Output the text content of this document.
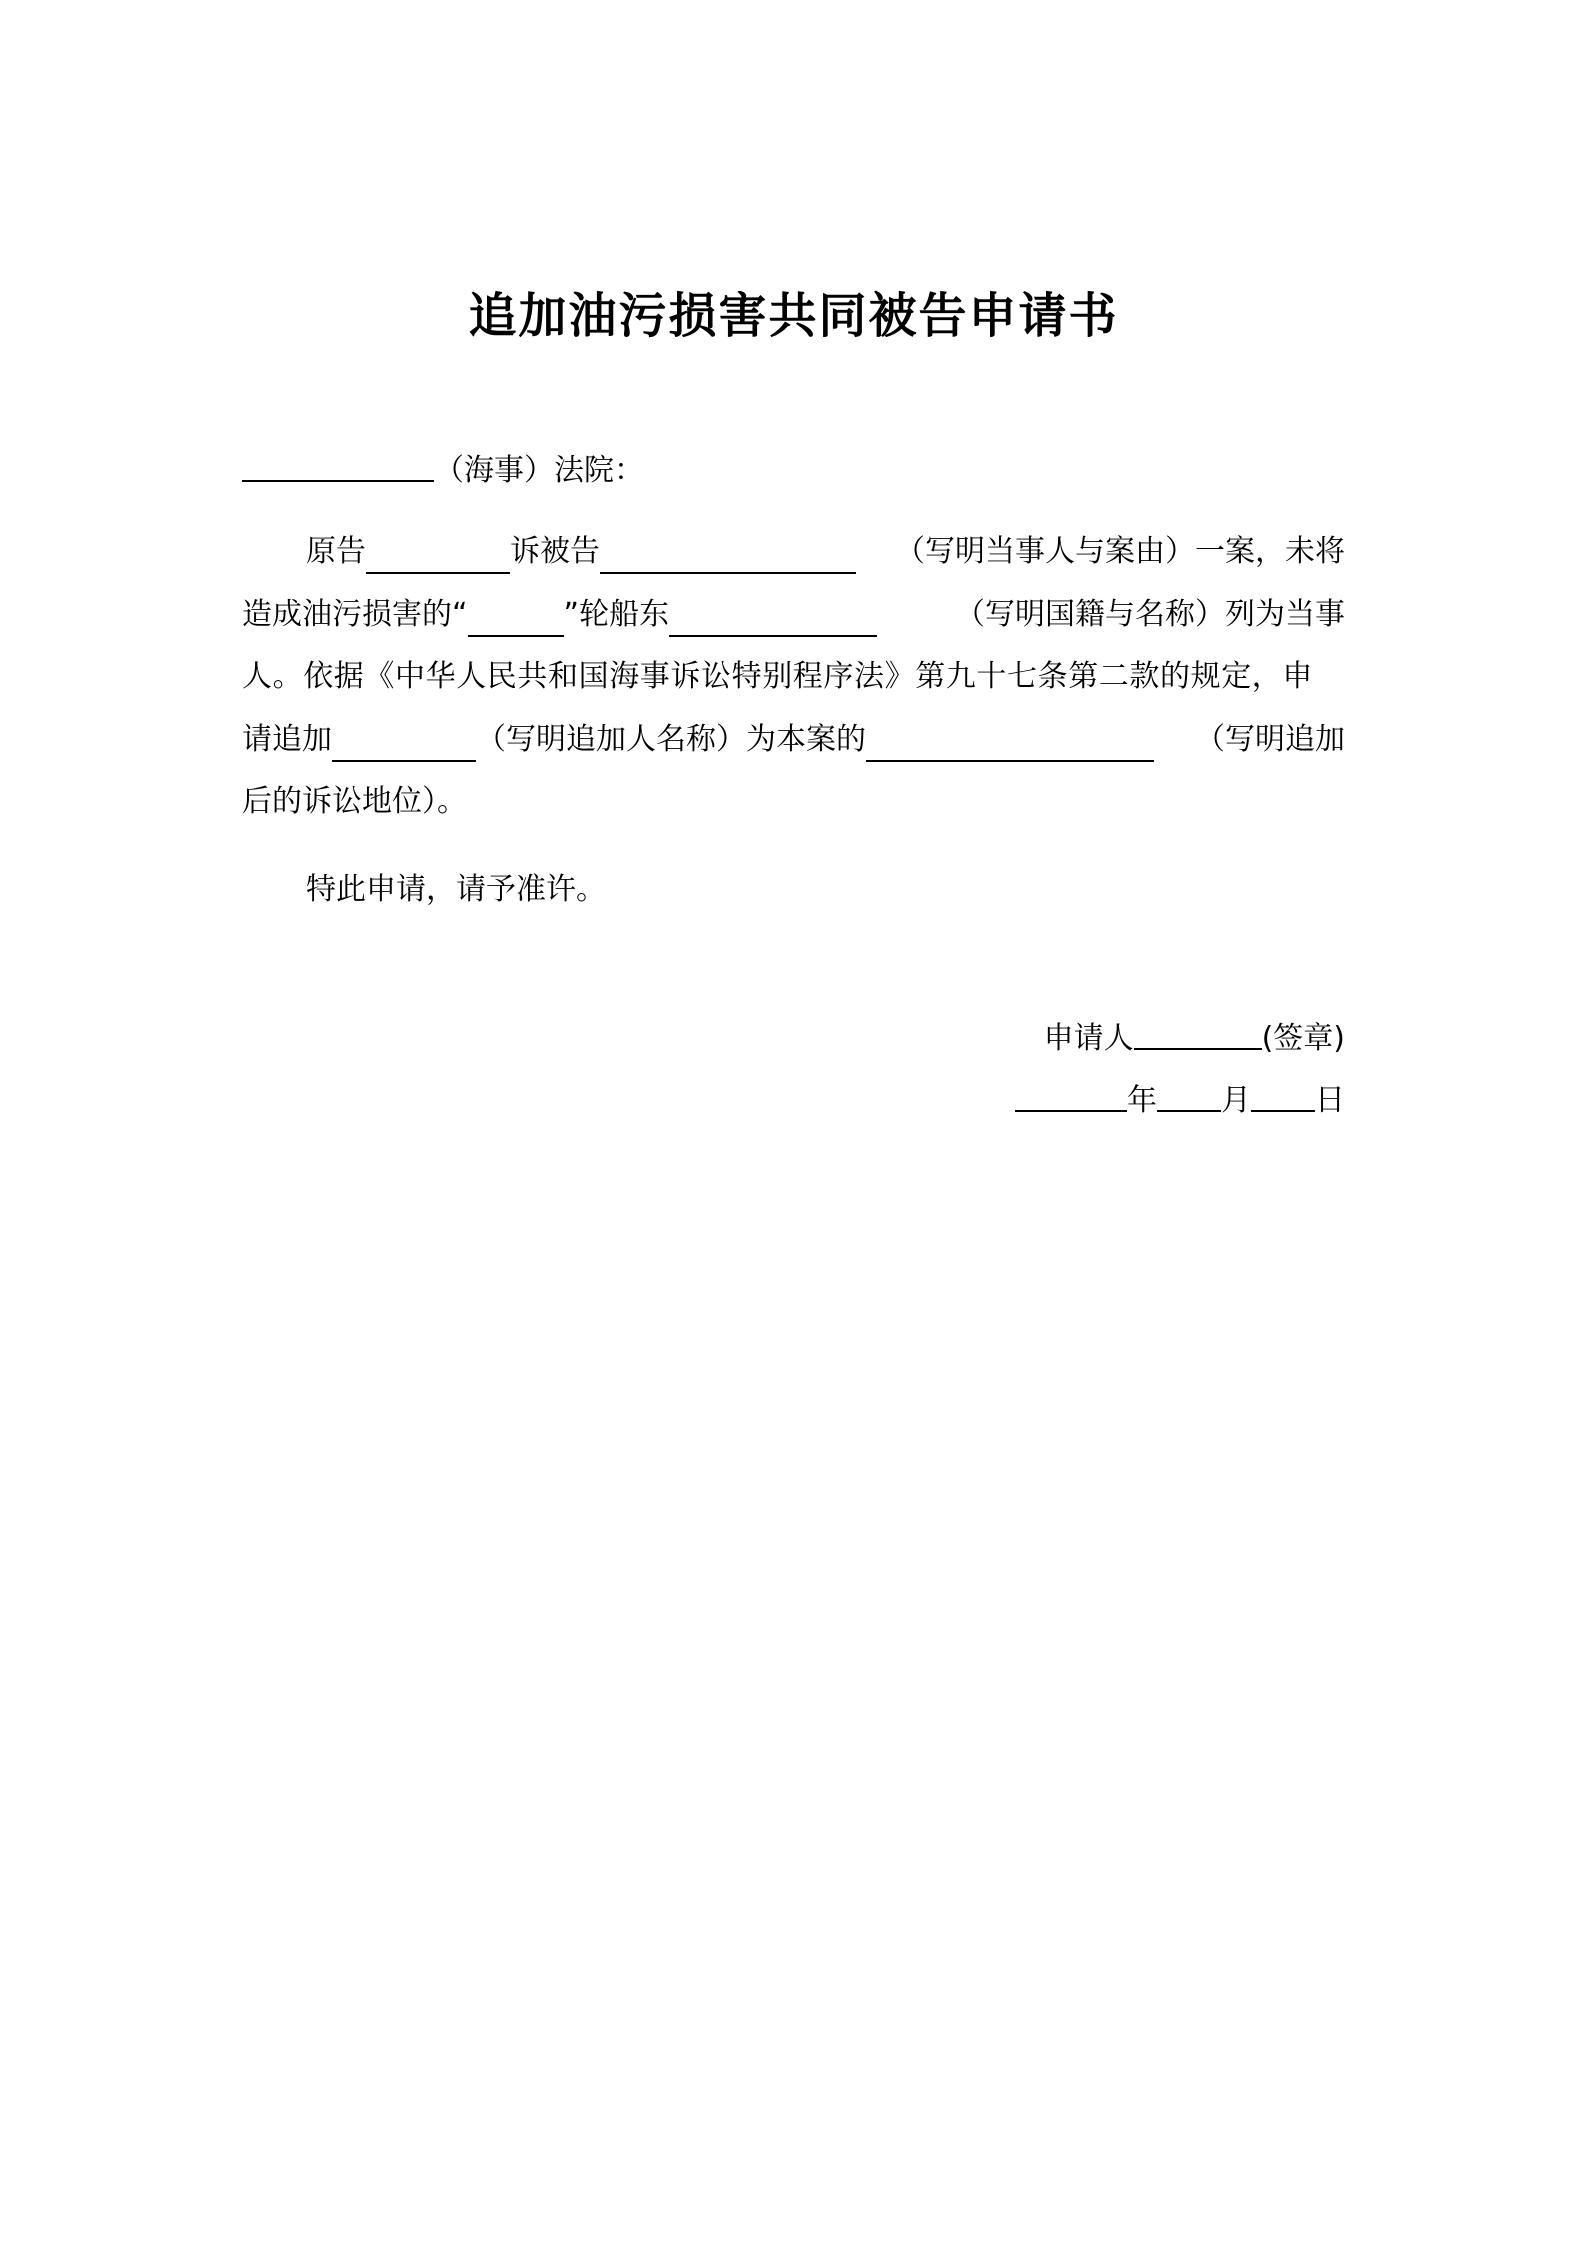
追加油污损害共同被告申请书
（海事）法院：
原告	诉被告	（写明当事人与案由）一案，未将
造成油污损害的“	”轮船东	（写明国籍与名称）列为当事
人。依据《中华人民共和国海事诉讼特别程序法》第九十七条第二款的规定，申
请追加	（写明追加人名称）为本案的	（写明追加
后的诉讼地位）。
特此申请，请予准许。
申请人	(签章)
年 月 日
